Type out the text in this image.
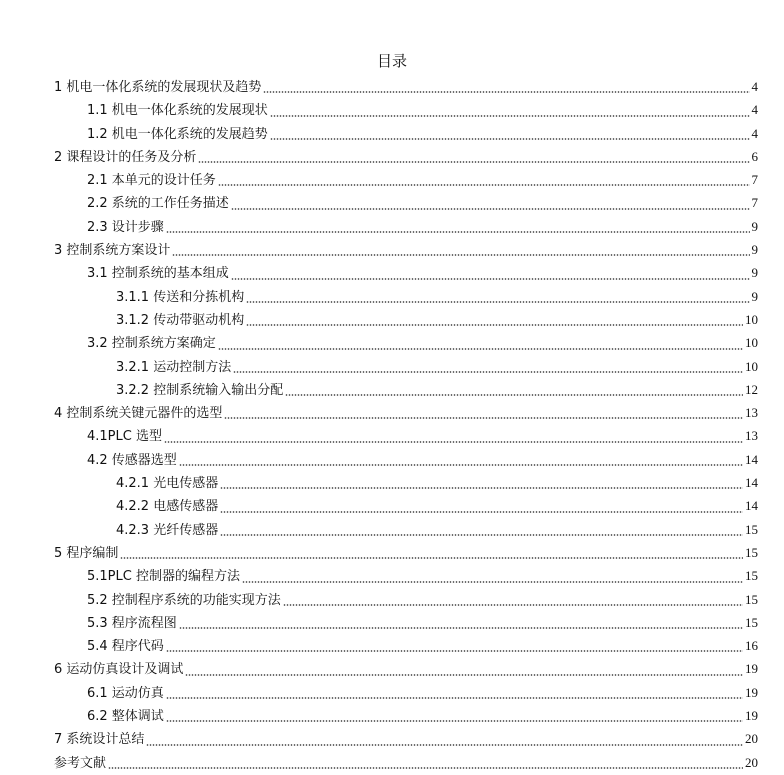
目录
1 机电一体化系统的发展现状及趋势	4
1.1 机电一体化系统的发展现状	4
1.2 机电一体化系统的发展趋势	4
2 课程设计的任务及分析	6
2.1 本单元的设计任务	7
2.2 系统的工作任务描述	7
2.3 设计步骤	9
3 控制系统方案设计	9
3.1 控制系统的基本组成	9
3.1.1 传送和分拣机构	9
3.1.2 传动带驱动机构	10
3.2 控制系统方案确定	10
3.2.1 运动控制方法	10
3.2.2 控制系统输入输出分配	12
4 控制系统关键元器件的选型	13
4.1PLC 选型	13
4.2 传感器选型	14
4.2.1 光电传感器	14
4.2.2 电感传感器	14
4.2.3 光纤传感器	15
5 程序编制	15
5.1PLC 控制器的编程方法	15
5.2 控制程序系统的功能实现方法	15
5.3 程序流程图	15
5.4 程序代码	16
6 运动仿真设计及调试	19
6.1 运动仿真	19
6.2 整体调试	19
7 系统设计总结	20
参考文献	20
